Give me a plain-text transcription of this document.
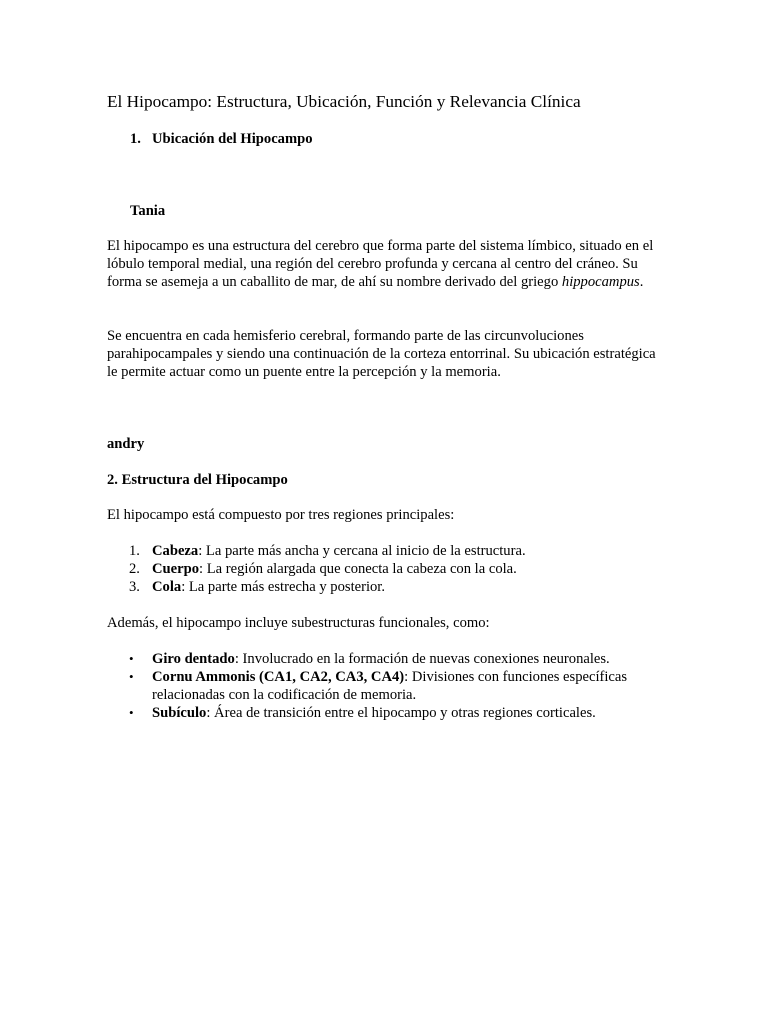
El Hipocampo: Estructura, Ubicación, Función y Relevancia Clínica
1. Ubicación del Hipocampo
Tania

El hipocampo es una estructura del cerebro que forma parte del sistema límbico, situado en el lóbulo temporal medial, una región del cerebro profunda y cercana al centro del cráneo. Su forma se asemeja a un caballito de mar, de ahí su nombre derivado del griego hippocampus.

Se encuentra en cada hemisferio cerebral, formando parte de las circunvoluciones parahipocampales y siendo una continuación de la corteza entorrinal. Su ubicación estratégica le permite actuar como un puente entre la percepción y la memoria.

andry
2. Estructura del Hipocampo

El hipocampo está compuesto por tres regiones principales:

1. Cabeza: La parte más ancha y cercana al inicio de la estructura.
2. Cuerpo: La región alargada que conecta la cabeza con la cola.
3. Cola: La parte más estrecha y posterior.

Además, el hipocampo incluye subestructuras funcionales, como:

• Giro dentado: Involucrado en la formación de nuevas conexiones neuronales.
• Cornu Ammonis (CA1, CA2, CA3, CA4): Divisiones con funciones específicas relacionadas con la codificación de memoria.
• Subículo: Área de transición entre el hipocampo y otras regiones corticales.
